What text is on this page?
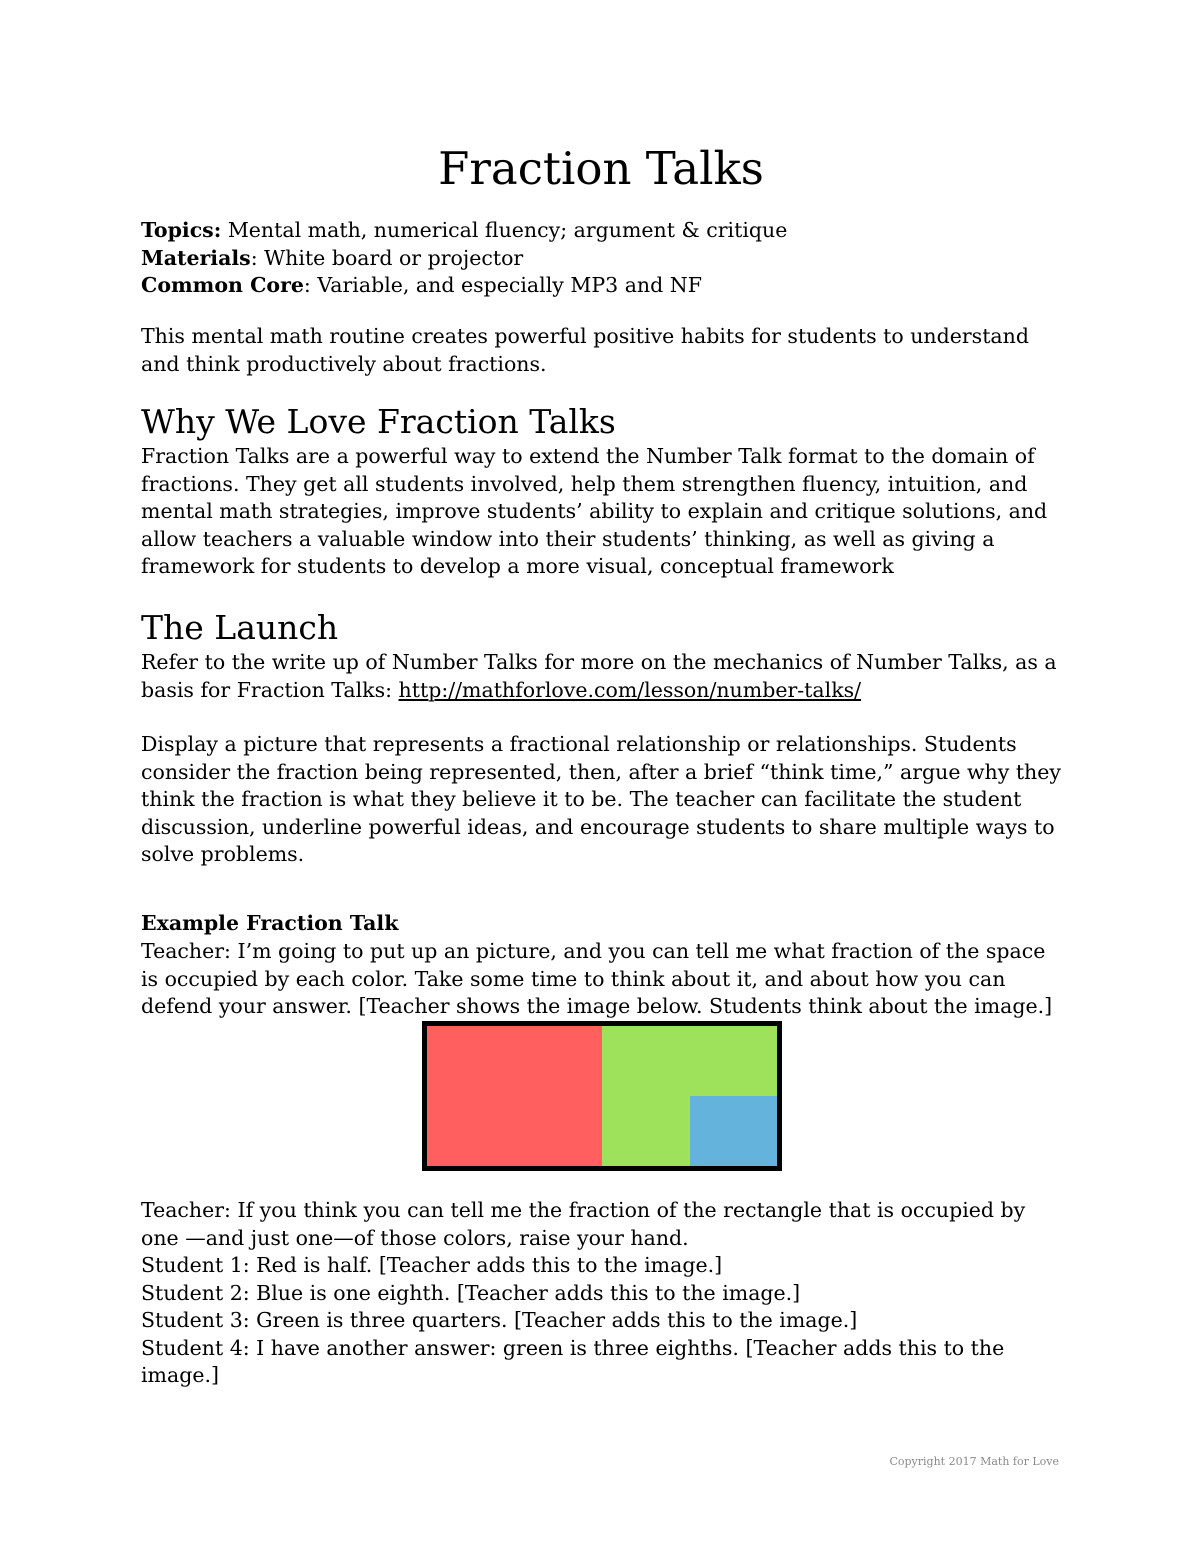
Fraction Talks

Topics: Mental math, numerical fluency; argument & critique

Materials: White board or projector

Common Core: Variable, and especially MP3 and NF

This mental math routine creates powerful positive habits for students to understand and think productively about fractions.

Why We Love Fraction Talks

Fraction Talks are a powerful way to extend the Number Talk format to the domain of fractions. They get all students involved, help them strengthen fluency, intuition, and mental math strategies, improve students’ ability to explain and critique solutions, and allow teachers a valuable window into their students’ thinking, as well as giving a framework for students to develop a more visual, conceptual framework

The Launch

Refer to the write up of Number Talks for more on the mechanics of Number Talks, as a basis for Fraction Talks: http://mathforlove.com/lesson/number-talks/

Display a picture that represents a fractional relationship or relationships. Students consider the fraction being represented, then, after a brief “think time,” argue why they think the fraction is what they believe it to be. The teacher can facilitate the student discussion, underline powerful ideas, and encourage students to share multiple ways to solve problems.

Example Fraction Talk

Teacher: I’m going to put up an picture, and you can tell me what fraction of the space is occupied by each color. Take some time to think about it, and about how you can defend your answer. [Teacher shows the image below. Students think about the image.]

Teacher: If you think you can tell me the fraction of the rectangle that is occupied by one —and just one—of those colors, raise your hand.

Student 1: Red is half. [Teacher adds this to the image.]

Student 2: Blue is one eighth. [Teacher adds this to the image.]

Student 3: Green is three quarters. [Teacher adds this to the image.]

Student 4: I have another answer: green is three eighths. [Teacher adds this to the image.]

Copyright 2017 Math for Love
